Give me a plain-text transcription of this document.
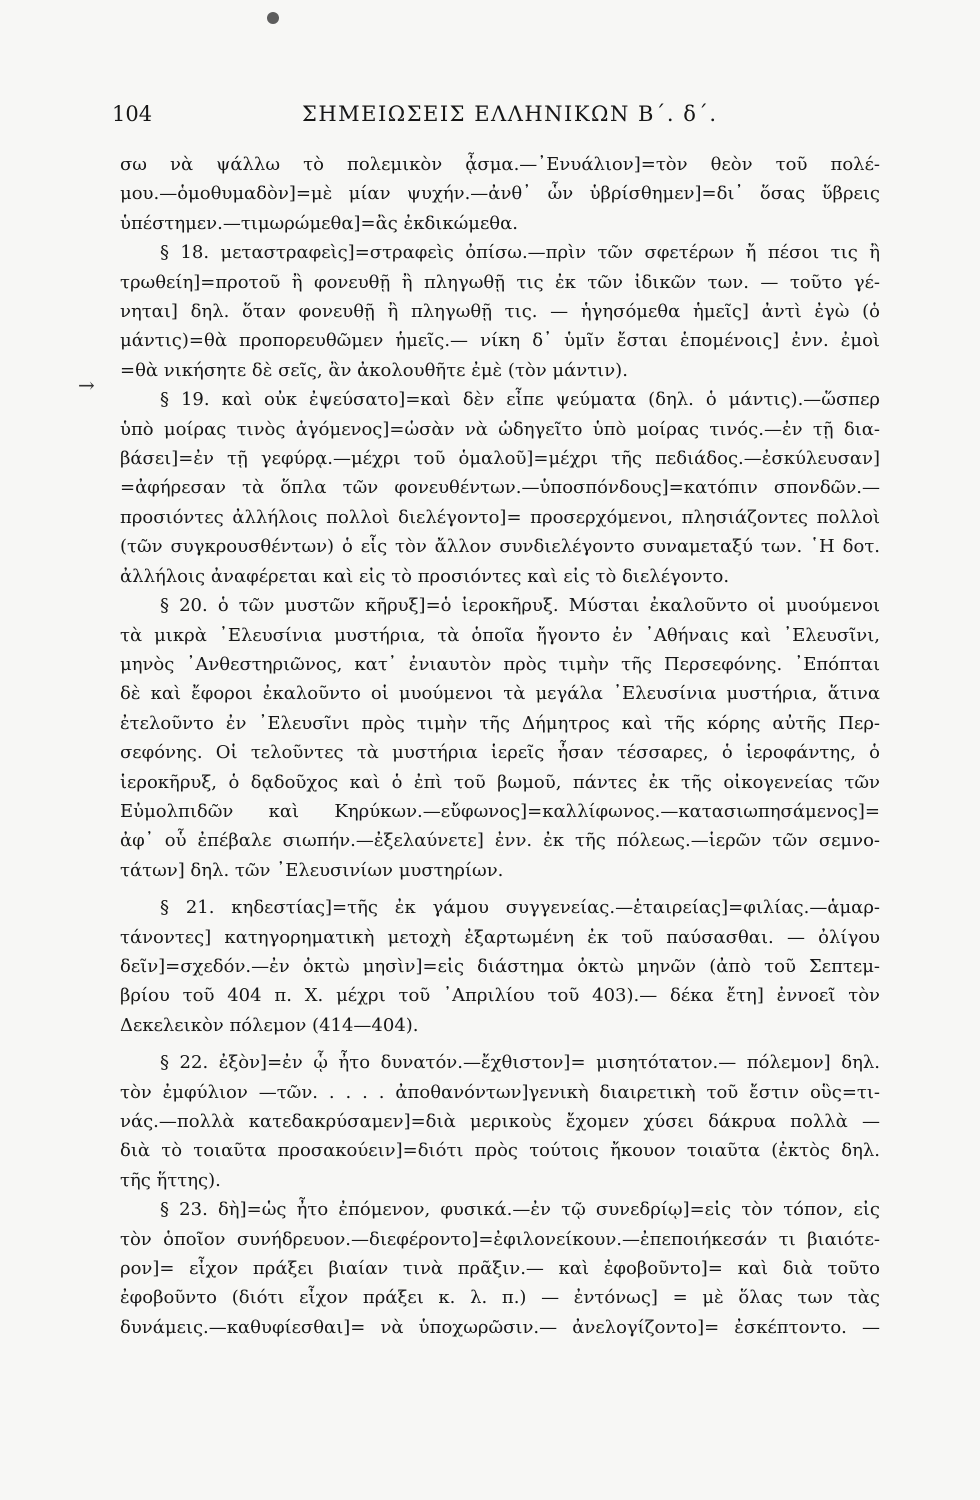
104	ΣΗΜΕΙΩΣΕΙΣ ΕΛΛΗΝΙΚΩΝ Β΄. δ΄.
→
σω νὰ ψάλλω τὸ πολεμικὸν ᾆσμα.—᾿Ενυάλιον]=τὸν θεὸν τοῦ πολέ-
μου.—ὁμοθυμαδὸν]=μὲ μίαν ψυχήν.—ἀνθ᾿ ὧν ὑβρίσθημεν]=δι᾿ ὅσας ὕβρεις
ὑπέστημεν.—τιμωρώμεθα]=ἂς ἐκδικώμεθα.
§ 18. μεταστραφεὶς]=στραφεὶς ὀπίσω.—πρὶν τῶν σφετέρων ἤ πέσοι τις ἢ
τρωθείη]=προτοῦ ἢ φονευθῇ ἢ πληγωθῇ τις ἐκ τῶν ἰδικῶν των. — τοῦτο γέ-
νηται] δηλ. ὅταν φονευθῇ ἢ πληγωθῇ τις. — ἡγησόμεθα ἡμεῖς] ἀντὶ ἐγὼ (ὁ
μάντις)=θὰ προπορευθῶμεν ἡμεῖς.— νίκη δ᾿ ὑμῖν ἔσται ἑπομένοις] ἐνν. ἐμοὶ
=θὰ νικήσητε δὲ σεῖς, ἂν ἀκολουθῆτε ἐμὲ (τὸν μάντιν).
§ 19. καὶ οὐκ ἐψεύσατο]=καὶ δὲν εἶπε ψεύματα (δηλ. ὁ μάντις).—ὥσπερ
ὑπὸ μοίρας τινὸς ἀγόμενος]=ὡσὰν νὰ ὡδηγεῖτο ὑπὸ μοίρας τινός.—ἐν τῇ δια-
βάσει]=ἐν τῇ γεφύρᾳ.—μέχρι τοῦ ὁμαλοῦ]=μέχρι τῆς πεδιάδος.—ἐσκύλευσαν]
=ἀφήρεσαν τὰ ὅπλα τῶν φονευθέντων.—ὑποσπόνδους]=κατόπιν σπονδῶν.—
προσιόντες ἀλλήλοις πολλοὶ διελέγοντο]= προσερχόμενοι, πλησιάζοντες πολλοὶ
(τῶν συγκρουσθέντων) ὁ εἷς τὸν ἄλλον συνδιελέγοντο συναμεταξύ των. ῾Η δοτ.
ἀλλήλοις ἀναφέρεται καὶ εἰς τὸ προσιόντες καὶ εἰς τὸ διελέγοντο.
§ 20. ὁ τῶν μυστῶν κῆρυξ]=ὁ ἱεροκῆρυξ. Μύσται ἐκαλοῦντο οἱ μυούμενοι
τὰ μικρὰ ᾿Ελευσίνια μυστήρια, τὰ ὁποῖα ἤγοντο ἐν ᾿Αθήναις καὶ ᾿Ελευσῖνι,
μηνὸς ᾿Ανθεστηριῶνος, κατ᾿ ἐνιαυτὸν πρὸς τιμὴν τῆς Περσεφόνης. ᾿Επόπται
δὲ καὶ ἔφοροι ἐκαλοῦντο οἱ μυούμενοι τὰ μεγάλα ᾿Ελευσίνια μυστήρια, ἅτινα
ἐτελοῦντο ἐν ᾿Ελευσῖνι πρὸς τιμὴν τῆς Δήμητρος καὶ τῆς κόρης αὐτῆς Περ-
σεφόνης. Οἱ τελοῦντες τὰ μυστήρια ἱερεῖς ἦσαν τέσσαρες, ὁ ἱεροφάντης, ὁ
ἱεροκῆρυξ, ὁ δᾳδοῦχος καὶ ὁ ἐπὶ τοῦ βωμοῦ, πάντες ἐκ τῆς οἰκογενείας τῶν
Εὐμολπιδῶν καὶ Κηρύκων.—εὔφωνος]=καλλίφωνος.—κατασιωπησάμενος]=
ἀφ᾿ οὗ ἐπέβαλε σιωπήν.—ἐξελαύνετε] ἐνν. ἐκ τῆς πόλεως.—ἱερῶν τῶν σεμνο-
τάτων] δηλ. τῶν ᾿Ελευσινίων μυστηρίων.
§ 21. κηδεστίας]=τῆς ἐκ γάμου συγγενείας.—ἑταιρείας]=φιλίας.—ἁμαρ-
τάνοντες] κατηγορηματικὴ μετοχὴ ἐξαρτωμένη ἐκ τοῦ παύσασθαι. — ὀλίγου
δεῖν]=σχεδόν.—ἐν ὀκτὼ μησὶν]=εἰς διάστημα ὀκτὼ μηνῶν (ἀπὸ τοῦ Σεπτεμ-
βρίου τοῦ 404 π. Χ. μέχρι τοῦ ᾿Απριλίου τοῦ 403).— δέκα ἔτη] ἐννοεῖ τὸν
Δεκελεικὸν πόλεμον (414—404).
§ 22. ἐξὸν]=ἐν ᾧ ἦτο δυνατόν.—ἔχθιστον]= μισητότατον.— πόλεμον] δηλ.
τὸν ἐμφύλιον —τῶν. . . . . ἀποθανόντων]γενικὴ διαιρετικὴ τοῦ ἔστιν οὓς=τι-
νάς.—πολλὰ κατεδακρύσαμεν]=διὰ μερικοὺς ἔχομεν χύσει δάκρυα πολλὰ —
διὰ τὸ τοιαῦτα προσακούειν]=διότι πρὸς τούτοις ἤκουον τοιαῦτα (ἐκτὸς δηλ.
τῆς ἥττης).
§ 23. δὴ]=ὡς ἦτο ἐπόμενον, φυσικά.—ἐν τῷ συνεδρίῳ]=εἰς τὸν τόπον, εἰς
τὸν ὁποῖον συνήδρευον.—διεφέροντο]=ἐφιλονείκουν.—ἐπεποιήκεσάν τι βιαιότε-
ρον]= εἶχον πράξει βιαίαν τινὰ πρᾶξιν.— καὶ ἐφοβοῦντο]= καὶ διὰ τοῦτο
ἐφοβοῦντο (διότι εἶχον πράξει κ. λ. π.) — ἐντόνως] = μὲ ὅλας των τὰς
δυνάμεις.—καθυφίεσθαι]= νὰ ὑποχωρῶσιν.— ἀνελογίζοντο]= ἐσκέπτοντο. —
